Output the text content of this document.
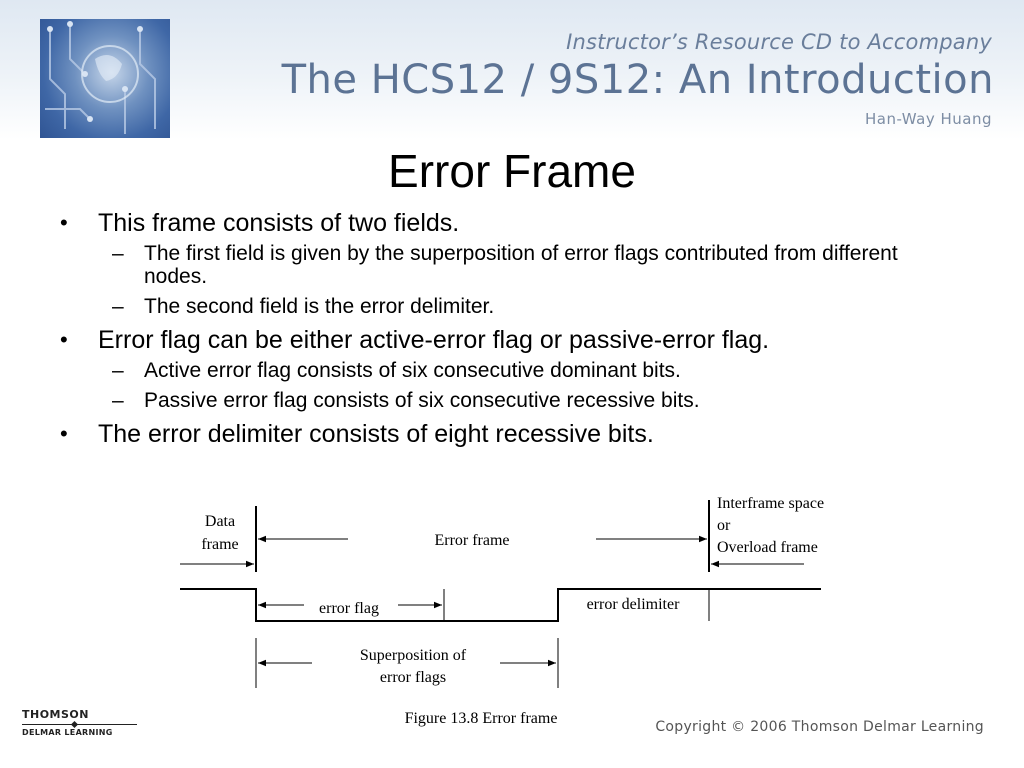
Instructor’s Resource CD to Accompany
The HCS12 / 9S12: An Introduction
Han-Way Huang
Error Frame
• This frame consists of two fields.
– The first field is given by the superposition of error flags contributed from different nodes.
– The second field is the error delimiter.
• Error flag can be either active-error flag or passive-error flag.
– Active error flag consists of six consecutive dominant bits.
– Passive error flag consists of six consecutive recessive bits.
• The error delimiter consists of eight recessive bits.
Data
frame	Error frame
Interframe space
or
Overload frame
error flag	error delimiter
Superposition of
error flags
Figure 13.8 Error frame
THOMSON
DELMAR LEARNING	Copyright © 2006 Thomson Delmar Learning
